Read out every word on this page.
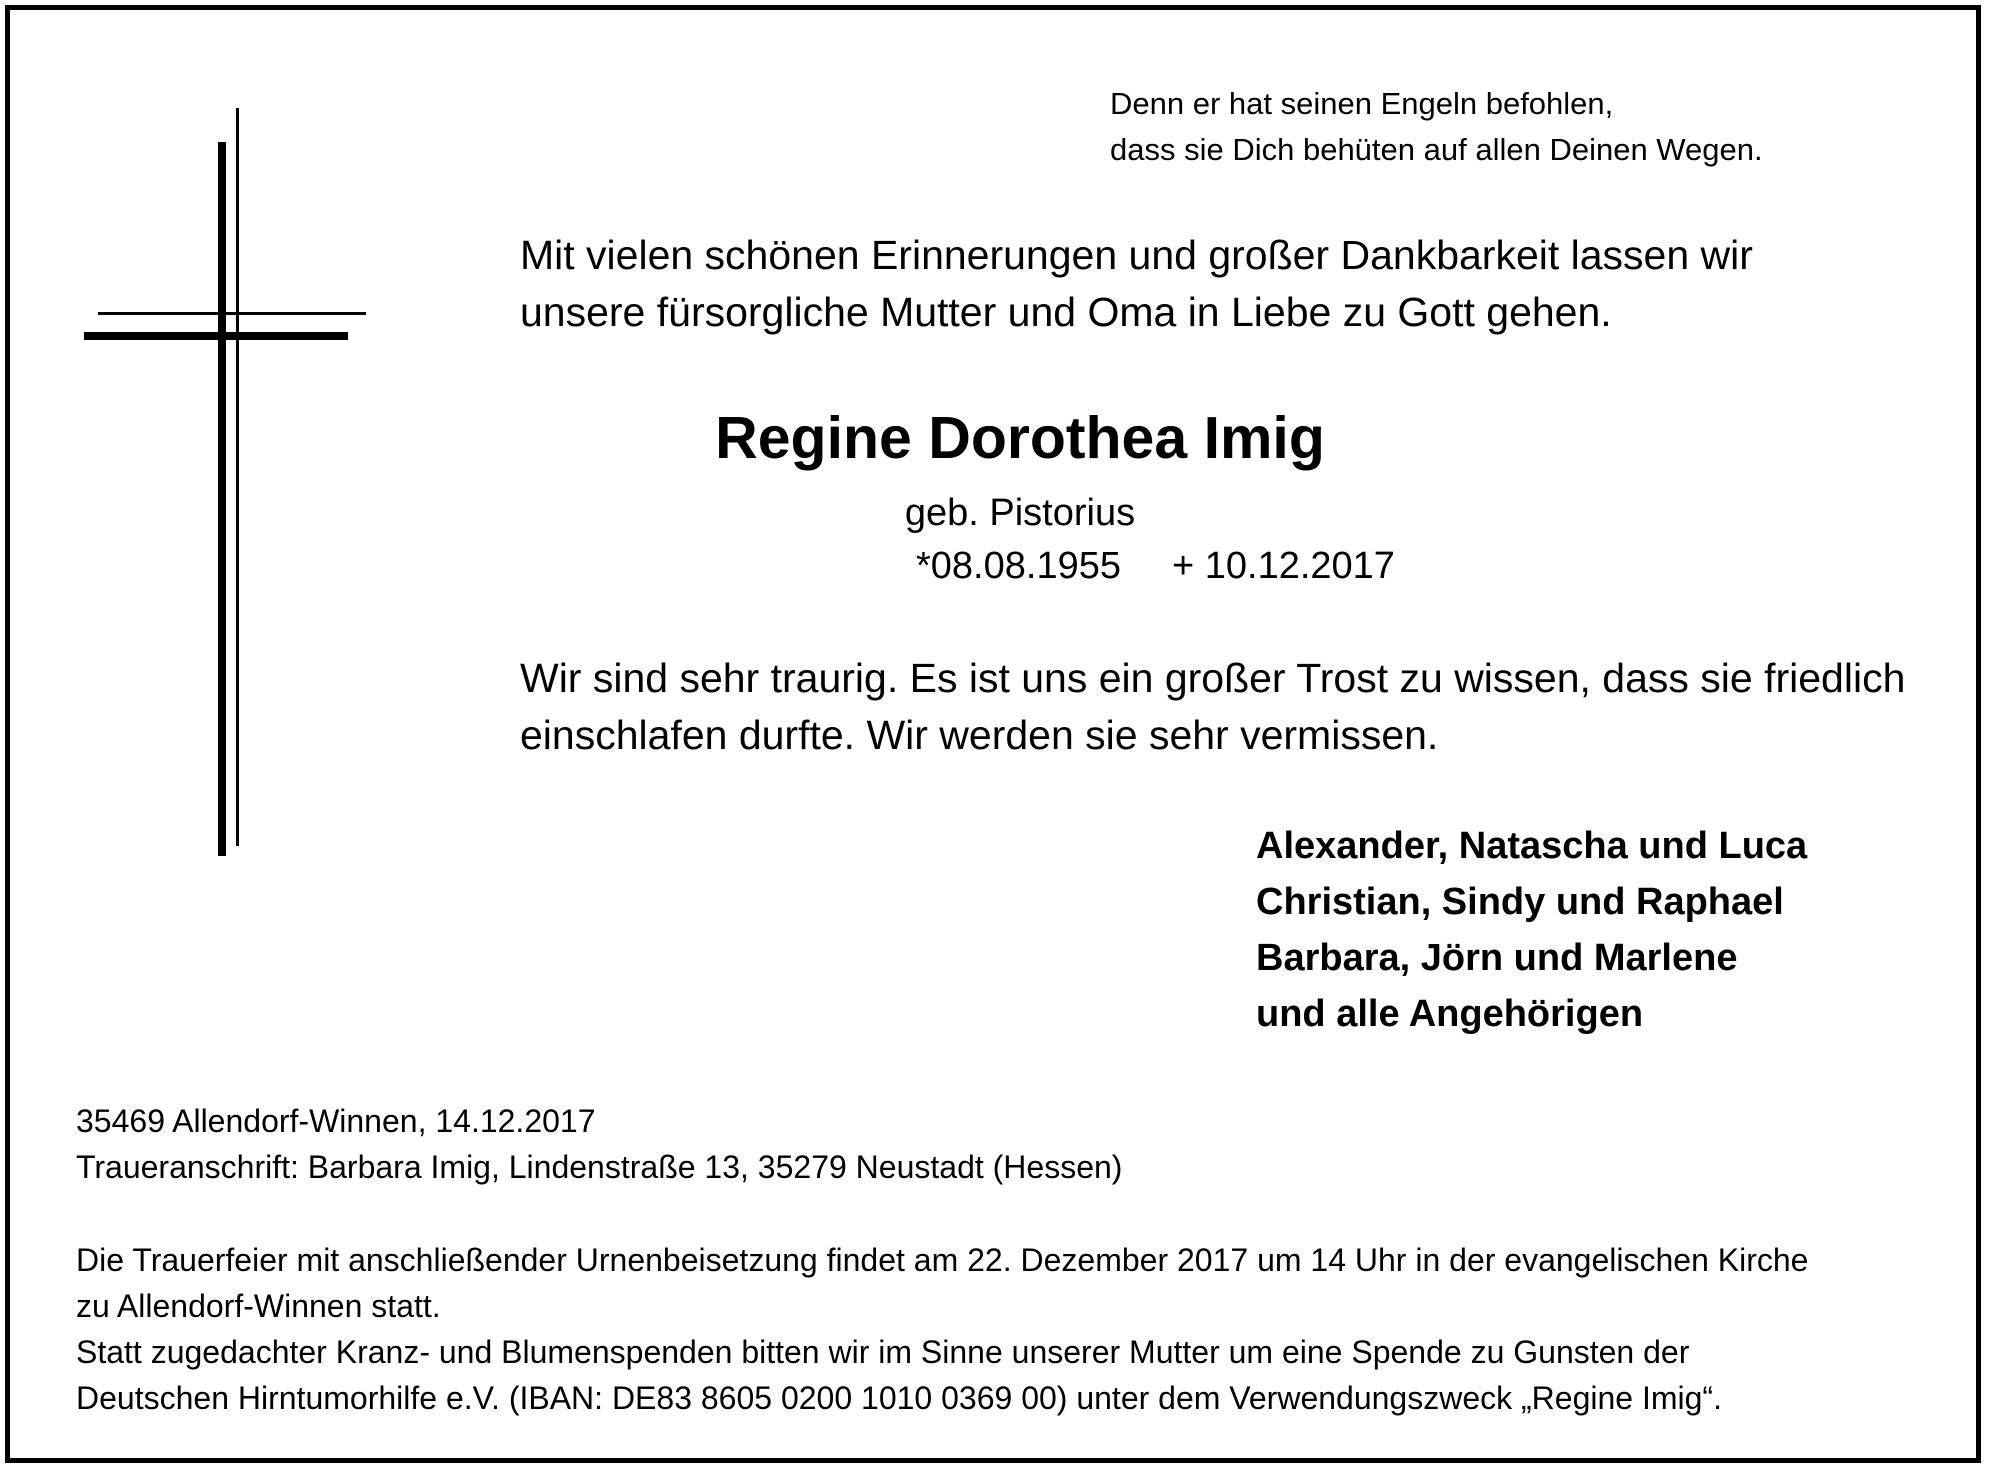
Denn er hat seinen Engeln befohlen,

dass sie Dich behüten auf allen Deinen Wegen.

Mit vielen schönen Erinnerungen und großer Dankbarkeit lassen wir

unsere fürsorgliche Mutter und Oma in Liebe zu Gott gehen.

Regine Dorothea Imig

geb. Pistorius

*08.08.1955 + 10.12.2017

Wir sind sehr traurig. Es ist uns ein großer Trost zu wissen, dass sie friedlich

einschlafen durfte. Wir werden sie sehr vermissen.

Alexander, Natascha und Luca

Christian, Sindy und Raphael

Barbara, Jörn und Marlene

und alle Angehörigen

35469 Allendorf-Winnen, 14.12.2017

Traueranschrift: Barbara Imig, Lindenstraße 13, 35279 Neustadt (Hessen)

Die Trauerfeier mit anschließender Urnenbeisetzung findet am 22. Dezember 2017 um 14 Uhr in der evangelischen Kirche

zu Allendorf-Winnen statt.

Statt zugedachter Kranz- und Blumenspenden bitten wir im Sinne unserer Mutter um eine Spende zu Gunsten der

Deutschen Hirntumorhilfe e.V. (IBAN: DE83 8605 0200 1010 0369 00) unter dem Verwendungszweck „Regine Imig“.
